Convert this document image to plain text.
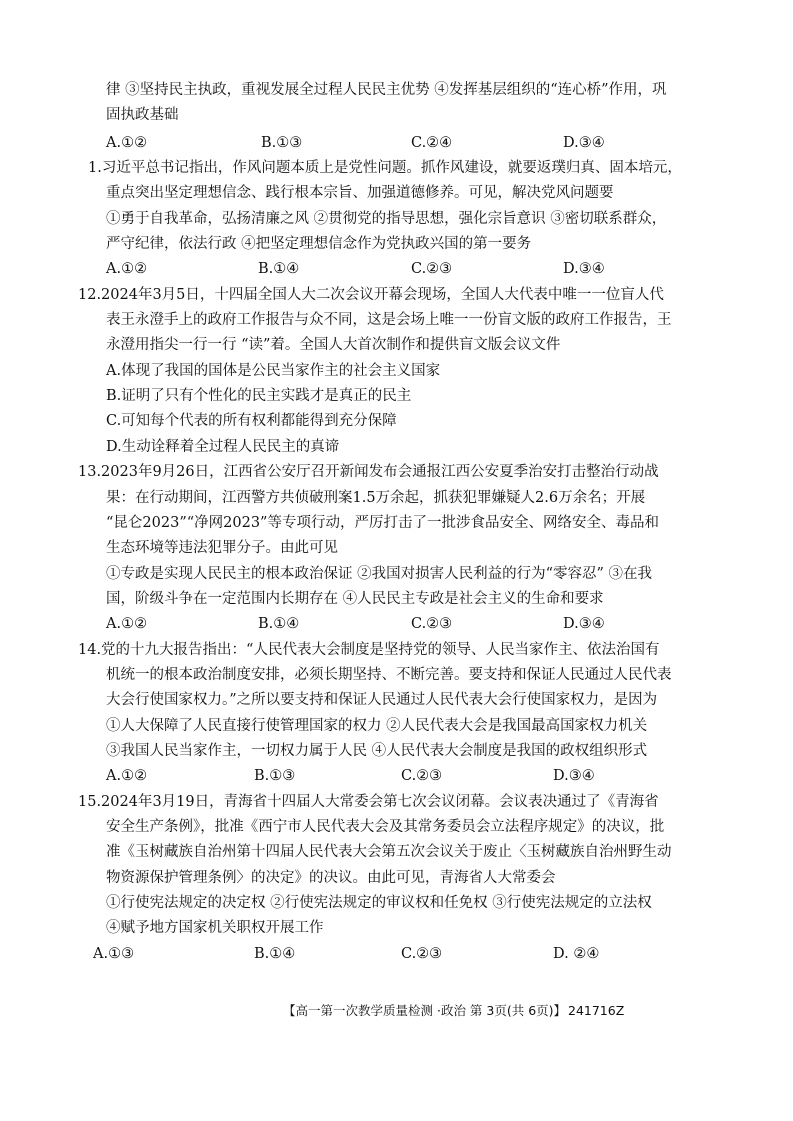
律 ③坚持民主执政，重视发展全过程人民民主优势 ④发挥基层组织的“连心桥”作用，巩
固执政基础
A.①②	B.①③	C.②④	D.③④
1.习近平总书记指出，作风问题本质上是党性问题。抓作风建设，就要返璞归真、固本培元，
重点突出坚定理想信念、践行根本宗旨、加强道德修养。可见，解决党风问题要
①勇于自我革命，弘扬清廉之风 ②贯彻党的指导思想，强化宗旨意识 ③密切联系群众，
严守纪律，依法行政 ④把坚定理想信念作为党执政兴国的第一要务
A.①②	B.①④	C.②③	D.③④
12.2024年3月5日，十四届全国人大二次会议开幕会现场，全国人大代表中唯一一位盲人代
表王永澄手上的政府工作报告与众不同，这是会场上唯一一份盲文版的政府工作报告，王
永澄用指尖一行一行 “读”着。全国人大首次制作和提供盲文版会议文件
A.体现了我国的国体是公民当家作主的社会主义国家
B.证明了只有个性化的民主实践才是真正的民主
C.可知每个代表的所有权利都能得到充分保障
D.生动诠释着全过程人民民主的真谛
13.2023年9月26日，江西省公安厅召开新闻发布会通报江西公安夏季治安打击整治行动战
果：在行动期间，江西警方共侦破刑案1.5万余起，抓获犯罪嫌疑人2.6万余名；开展
“昆仑2023”“净网2023”等专项行动，严厉打击了一批涉食品安全、网络安全、毒品和
生态环境等违法犯罪分子。由此可见
①专政是实现人民民主的根本政治保证 ②我国对损害人民利益的行为“零容忍” ③在我
国，阶级斗争在一定范围内长期存在 ④人民民主专政是社会主义的生命和要求
A.①②	B.①④	C.②③	D.③④
14.党的十九大报告指出：“人民代表大会制度是坚持党的领导、人民当家作主、依法治国有
机统一的根本政治制度安排，必须长期坚持、不断完善。要支持和保证人民通过人民代表
大会行使国家权力。”之所以要支持和保证人民通过人民代表大会行使国家权力，是因为
①人大保障了人民直接行使管理国家的权力 ②人民代表大会是我国最高国家权力机关
③我国人民当家作主，一切权力属于人民 ④人民代表大会制度是我国的政权组织形式
A.①②	B.①③	C.②③	D.③④
15.2024年3月19日，青海省十四届人大常委会第七次会议闭幕。会议表决通过了《青海省
安全生产条例》，批准《西宁市人民代表大会及其常务委员会立法程序规定》的决议，批
准《玉树藏族自治州第十四届人民代表大会第五次会议关于废止〈玉树藏族自治州野生动
物资源保护管理条例〉的决定》的决议。由此可见，青海省人大常委会
①行使宪法规定的决定权 ②行使宪法规定的审议权和任免权 ③行使宪法规定的立法权
④赋予地方国家机关职权开展工作
A.①③	B.①④	C.②③	D. ②④
【高一第一次教学质量检测 ·政治 第 3页(共 6页)】 241716Z
